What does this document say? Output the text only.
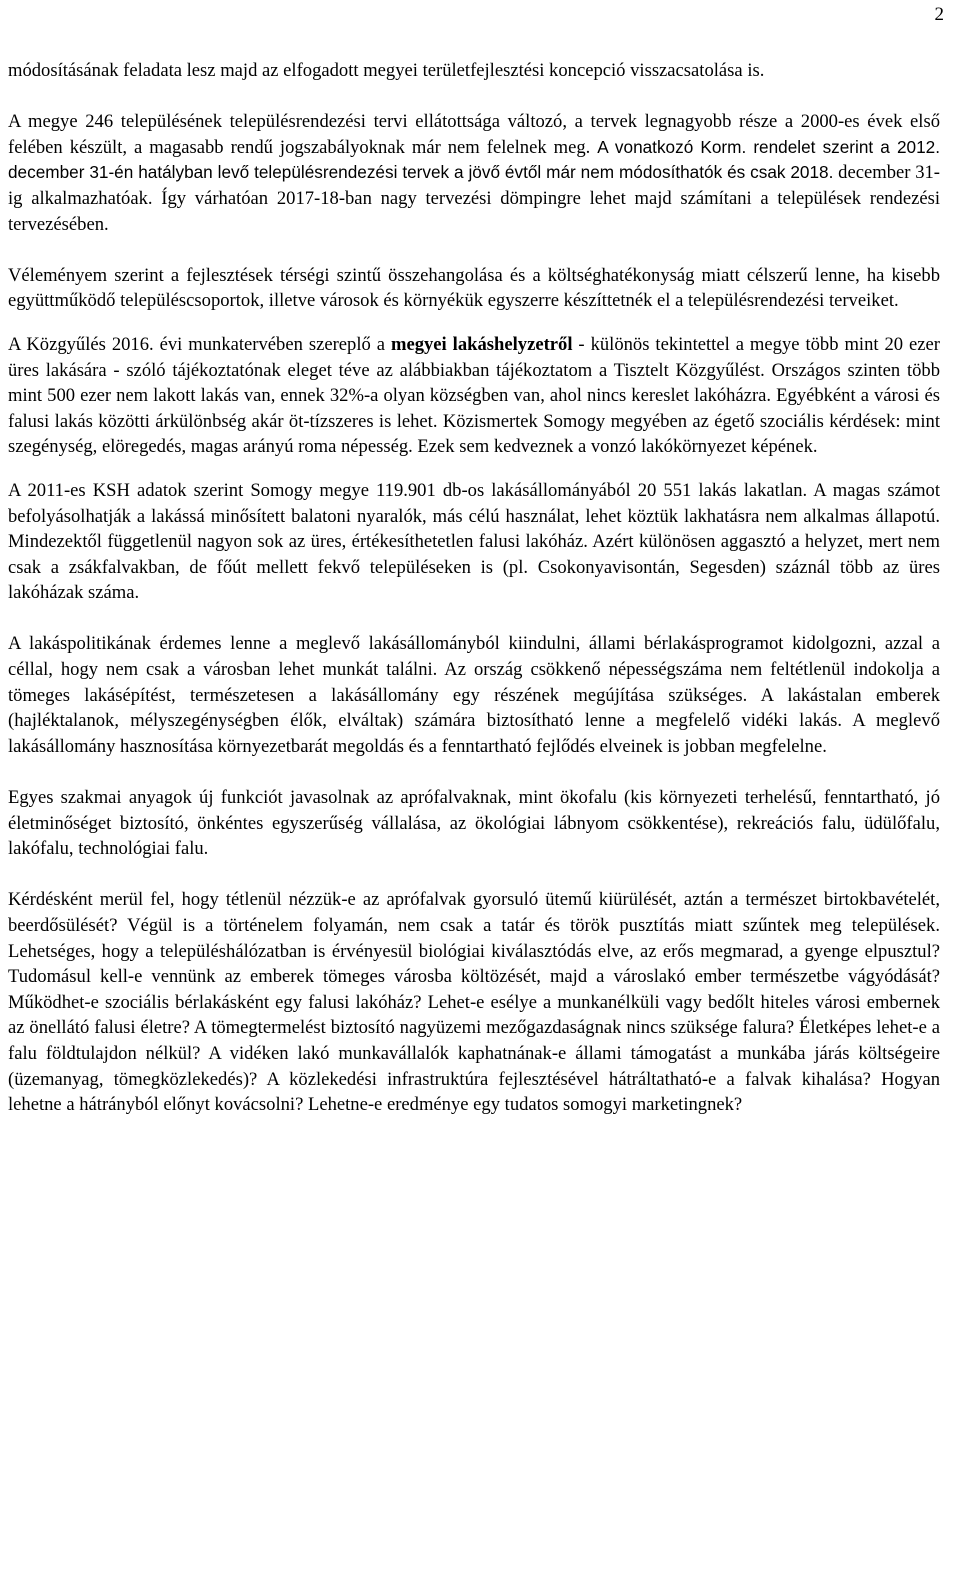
2

módosításának feladata lesz majd az elfogadott megyei területfejlesztési koncepció visszacsatolása is.

A megye 246 településének településrendezési tervi ellátottsága változó, a tervek legnagyobb része a 2000-es évek első felében készült, a magasabb rendű jogszabályoknak már nem felelnek meg. A vonatkozó Korm. rendelet szerint a 2012. december 31-én hatályban levő településrendezési tervek a jövő évtől már nem módosíthatók és csak 2018. december 31-ig alkalmazhatóak. Így várhatóan 2017-18-ban nagy tervezési dömpingre lehet majd számítani a települések rendezési tervezésében.

Véleményem szerint a fejlesztések térségi szintű összehangolása és a költséghatékonyság miatt célszerű lenne, ha kisebb együttműködő településcsoportok, illetve városok és környékük egyszerre készíttetnék el a településrendezési terveiket.

A Közgyűlés 2016. évi munkatervében szereplő a megyei lakáshelyzetről - különös tekintettel a megye több mint 20 ezer üres lakására - szóló tájékoztatónak eleget téve az alábbiakban tájékoztatom a Tisztelt Közgyűlést. Országos szinten több mint 500 ezer nem lakott lakás van, ennek 32%-a olyan községben van, ahol nincs kereslet lakóházra. Egyébként a városi és falusi lakás közötti árkülönbség akár öt-tízszeres is lehet. Közismertek Somogy megyében az égető szociális kérdések: mint szegénység, elöregedés, magas arányú roma népesség. Ezek sem kedveznek a vonzó lakókörnyezet képének.

A 2011-es KSH adatok szerint Somogy megye 119.901 db-os lakásállományából 20 551 lakás lakatlan. A magas számot befolyásolhatják a lakássá minősített balatoni nyaralók, más célú használat, lehet köztük lakhatásra nem alkalmas állapotú. Mindezektől függetlenül nagyon sok az üres, értékesíthetetlen falusi lakóház. Azért különösen aggasztó a helyzet, mert nem csak a zsákfalvakban, de főút mellett fekvő településeken is (pl. Csokonyavisontán, Segesden) száznál több az üres lakóházak száma.

A lakáspolitikának érdemes lenne a meglevő lakásállományból kiindulni, állami bérlakásprogramot kidolgozni, azzal a céllal, hogy nem csak a városban lehet munkát találni. Az ország csökkenő népességszáma nem feltétlenül indokolja a tömeges lakásépítést, természetesen a lakásállomány egy részének megújítása szükséges. A lakástalan emberek (hajléktalanok, mélyszegénységben élők, elváltak) számára biztosítható lenne a megfelelő vidéki lakás. A meglevő lakásállomány hasznosítása környezetbarát megoldás és a fenntartható fejlődés elveinek is jobban megfelelne.

Egyes szakmai anyagok új funkciót javasolnak az aprófalvaknak, mint ökofalu (kis környezeti terhelésű, fenntartható, jó életminőséget biztosító, önkéntes egyszerűség vállalása, az ökológiai lábnyom csökkentése), rekreációs falu, üdülőfalu, lakófalu, technológiai falu.

Kérdésként merül fel, hogy tétlenül nézzük-e az aprófalvak gyorsuló ütemű kiürülését, aztán a természet birtokbavételét, beerdősülését? Végül is a történelem folyamán, nem csak a tatár és török pusztítás miatt szűntek meg települések. Lehetséges, hogy a településhálózatban is érvényesül biológiai kiválasztódás elve, az erős megmarad, a gyenge elpusztul? Tudomásul kell-e vennünk az emberek tömeges városba költözését, majd a városlakó ember természetbe vágyódását? Működhet-e szociális bérlakásként egy falusi lakóház? Lehet-e esélye a munkanélküli vagy bedőlt hiteles városi embernek az önellátó falusi életre? A tömegtermelést biztosító nagyüzemi mezőgazdaságnak nincs szüksége falura? Életképes lehet-e a falu földtulajdon nélkül? A vidéken lakó munkavállalók kaphatnának-e állami támogatást a munkába járás költségeire (üzemanyag, tömegközlekedés)? A közlekedési infrastruktúra fejlesztésével hátráltatható-e a falvak kihalása? Hogyan lehetne a hátrányból előnyt kovácsolni? Lehetne-e eredménye egy tudatos somogyi marketingnek?
